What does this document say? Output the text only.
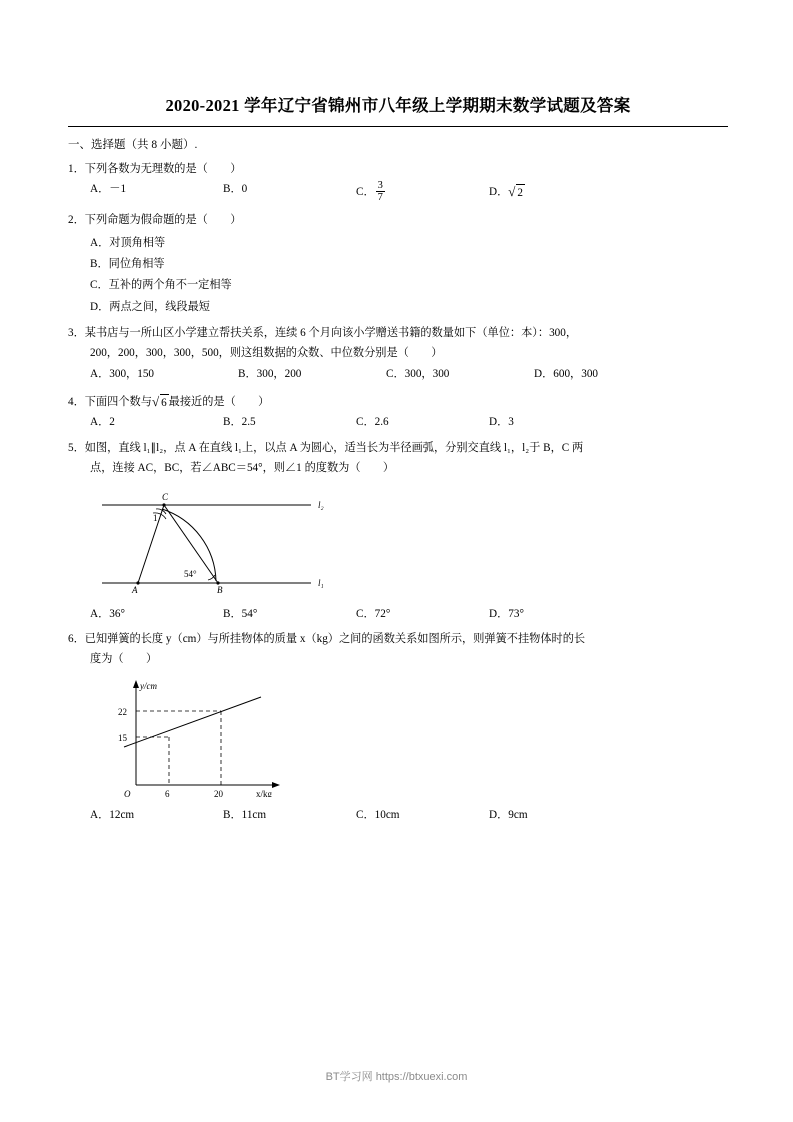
2020-2021 学年辽宁省锦州市八年级上学期期末数学试题及答案
一、选择题（共 8 小题）.
1．下列各数为无理数的是（　　）
A．－1	B．0	C． $\frac{3}{7}$	D．√ 2
2．下列命题为假命题的是（　　）
A．对顶角相等
B．同位角相等
C．互补的两个角不一定相等
D．两点之间，线段最短
3．某书店与一所山区小学建立帮扶关系，连续 6 个月向该小学赠送书籍的数量如下（单位：本）：300，
200，200，300，300，500，则这组数据的众数、中位数分别是（　　）
A．300，150	B．300，200	C．300，300	D．600，300
4．下面四个数与√ 6 最接近的是（　　）
A．2	B．2.5	C．2.6	D．3
5．如图，直线 l₁∥l₂，点 A 在直线 l₁上，以点 A 为圆心，适当长为半径画弧，分别交直线 l₁，l₂于 B，C 两
点，连接 AC，BC，若∠ABC＝54°，则∠1 的度数为（　　）
C
1
l₂
l₁
A	B
54°
A．36°	B．54°	C．72°	D．73°
6．已知弹簧的长度 y（cm）与所挂物体的质量 x（kg）之间的函数关系如图所示，则弹簧不挂物体时的长
度为（　　）
y/cm
x/kg
O
22
15
6	20
A．12cm	B．11cm	C．10cm	D．9cm
BT学习网 https://btxuexi.com
